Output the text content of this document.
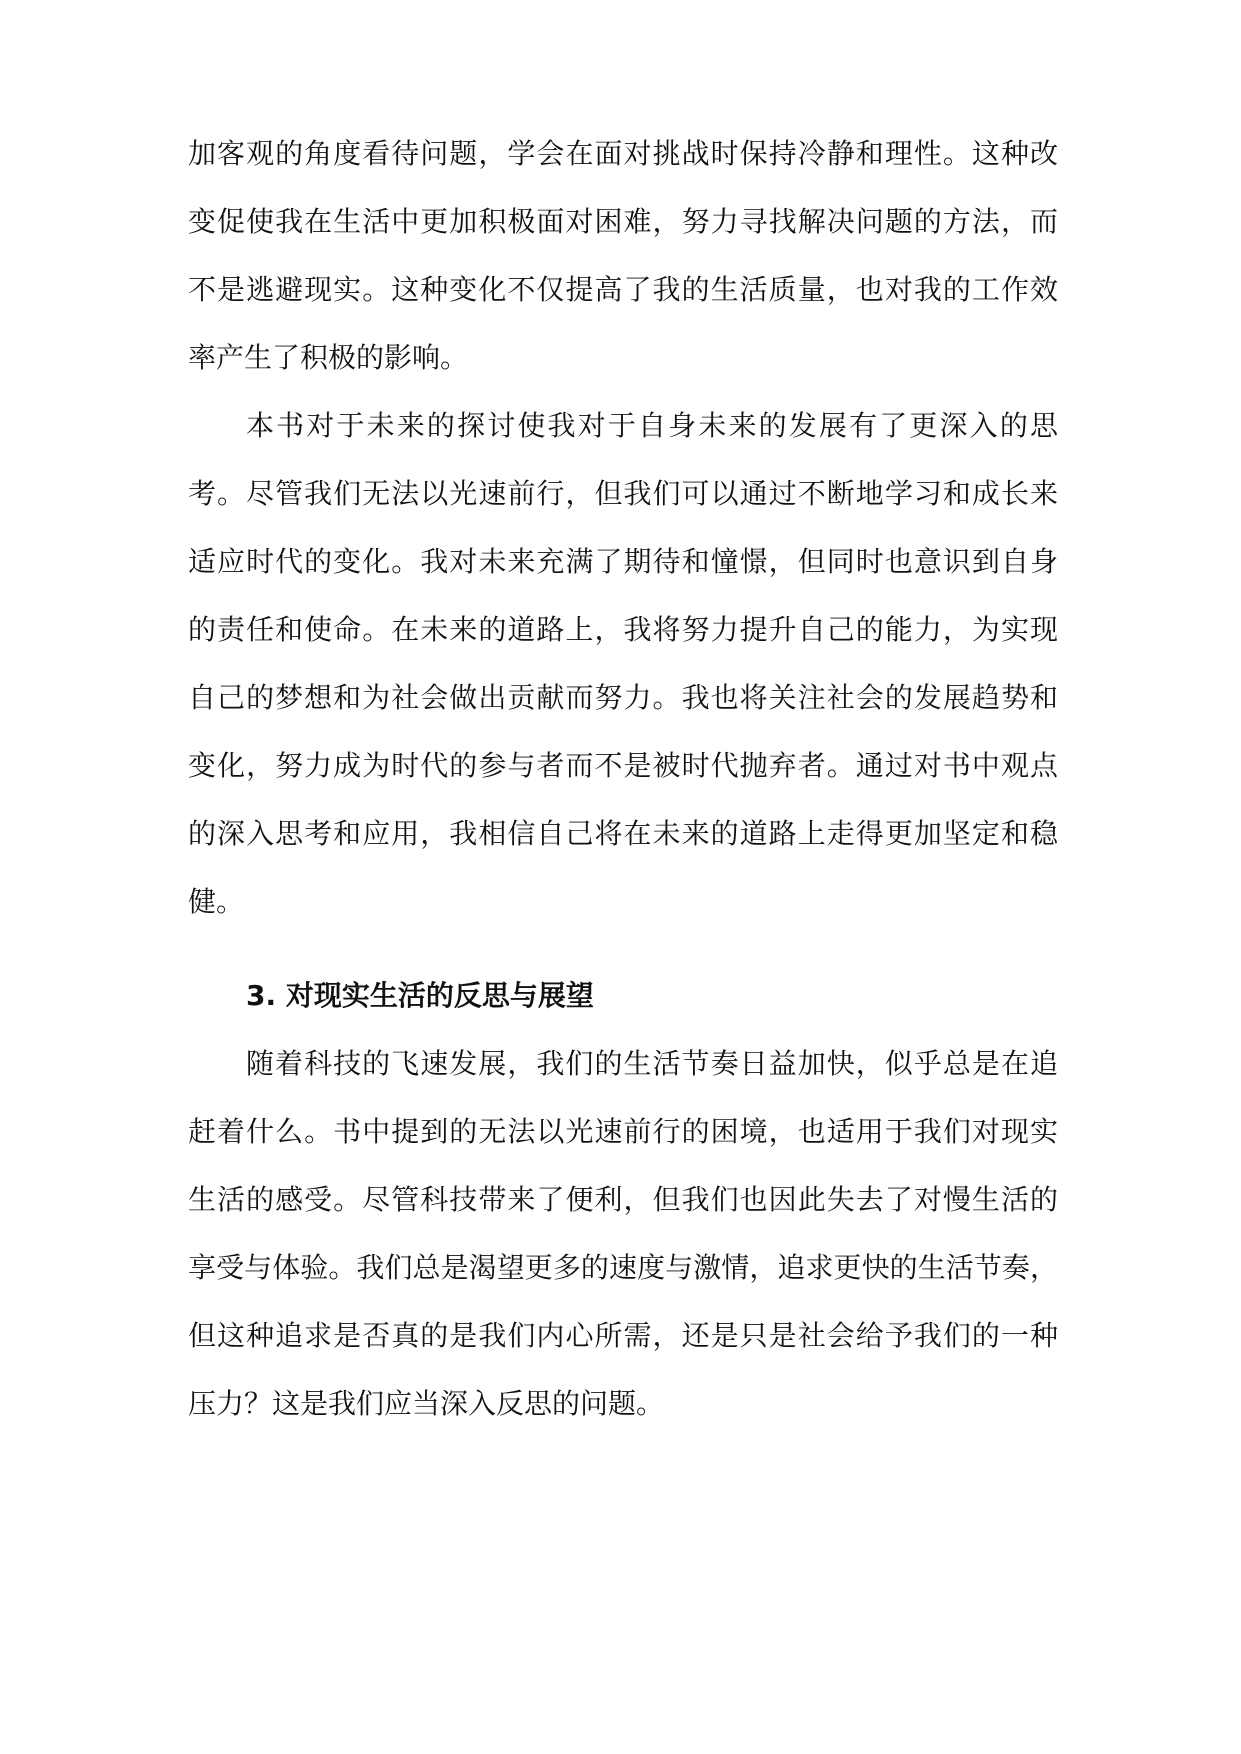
加客观的角度看待问题，学会在面对挑战时保持冷静和理性。这种改
变促使我在生活中更加积极面对困难，努力寻找解决问题的方法，而
不是逃避现实。这种变化不仅提高了我的生活质量，也对我的工作效
率产生了积极的影响。
本书对于未来的探讨使我对于自身未来的发展有了更深入的思
考。尽管我们无法以光速前行，但我们可以通过不断地学习和成长来
适应时代的变化。我对未来充满了期待和憧憬，但同时也意识到自身
的责任和使命。在未来的道路上，我将努力提升自己的能力，为实现
自己的梦想和为社会做出贡献而努力。我也将关注社会的发展趋势和
变化，努力成为时代的参与者而不是被时代抛弃者。通过对书中观点
的深入思考和应用，我相信自己将在未来的道路上走得更加坚定和稳
健。
3. 对现实生活的反思与展望
随着科技的飞速发展，我们的生活节奏日益加快，似乎总是在追
赶着什么。书中提到的无法以光速前行的困境，也适用于我们对现实
生活的感受。尽管科技带来了便利，但我们也因此失去了对慢生活的
享受与体验。我们总是渴望更多的速度与激情，追求更快的生活节奏，
但这种追求是否真的是我们内心所需，还是只是社会给予我们的一种
压力？这是我们应当深入反思的问题。
